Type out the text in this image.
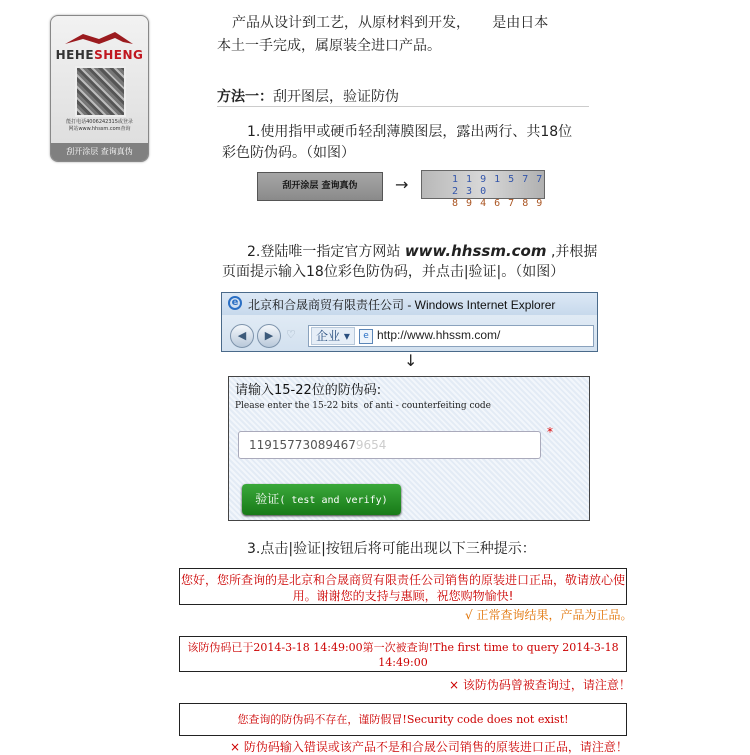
HEHESHENG
能打电话4006242315或登录
网站www.hhssm.com查询
刮开涂层 查询真伪
产品从设计到工艺，从原材料到开发，     是由日本
本土一手完成，属原装全进口产品。
方法一：刮开图层，验证防伪
1.使用指甲或硬币轻刮薄膜图层，露出两行、共18位
彩色防伪码。（如图）
刮开涂层 查询真伪	→	1 1 9 1 5 7 7 2 3 0
8 9 4 6 7 8 9
2.登陆唯一指定官方网站 www.hhssm.com ,并根据
页面提示输入18位彩色防伪码，并点击|验证|。（如图）
e 北京和合晟商贸有限责任公司 - Windows Internet Explorer
◀	▶	♡	企业 ▾	e http://www.hhssm.com/
↓
请输入15-22位的防伪码:
Please enter the 15-22 bits  of anti - counterfeiting code
119157730894679654
*
验证( test and verify)
3.点击|验证|按钮后将可能出现以下三种提示：
您好，您所查询的是北京和合晟商贸有限责任公司销售的原装进口正品，敬请放心使用。谢谢您的支持与惠顾，祝您购物愉快!
√ 正常查询结果，产品为正品。
该防伪码已于2014-3-18 14:49:00第一次被查询!The first time to query 2014-3-18 14:49:00
× 该防伪码曾被查询过，请注意！
您查询的防伪码不存在，谨防假冒!Security code does not exist!
× 防伪码输入错误或该产品不是和合晟公司销售的原装进口正品，请注意！
